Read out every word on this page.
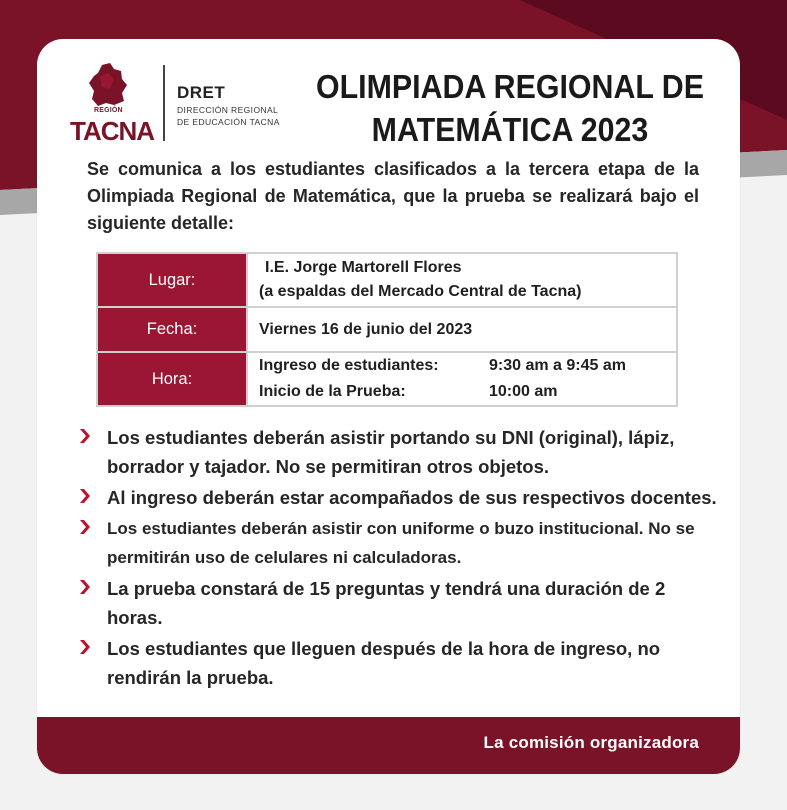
REGIÓN
TACNA
DRET
DIRECCIÓN REGIONAL
DE EDUCACIÓN TACNA
OLIMPIADA REGIONAL DE
MATEMÁTICA 2023
Se comunica a los estudiantes clasificados a la tercera etapa de la Olimpiada Regional de Matemática, que la prueba se realizará bajo el siguiente detalle:
Lugar:	I.E. Jorge Martorell Flores
(a espaldas del Mercado Central de Tacna)

Fecha:	Viernes 16 de junio del 2023
Hora:	Ingreso de estudiantes: 9:30 am a 9:45 am
Inicio de la Prueba: 10:00 am
Los estudiantes deberán asistir portando su DNI (original), lápiz, borrador y tajador. No se permitiran otros objetos.
Al ingreso deberán estar acompañados de sus respectivos docentes.
Los estudiantes deberán asistir con uniforme o buzo institucional. No se permitirán uso de celulares ni calculadoras.
La prueba constará de 15 preguntas y tendrá una duración de 2 horas.
Los estudiantes que lleguen después de la hora de ingreso, no rendirán la prueba.
La comisión organizadora
